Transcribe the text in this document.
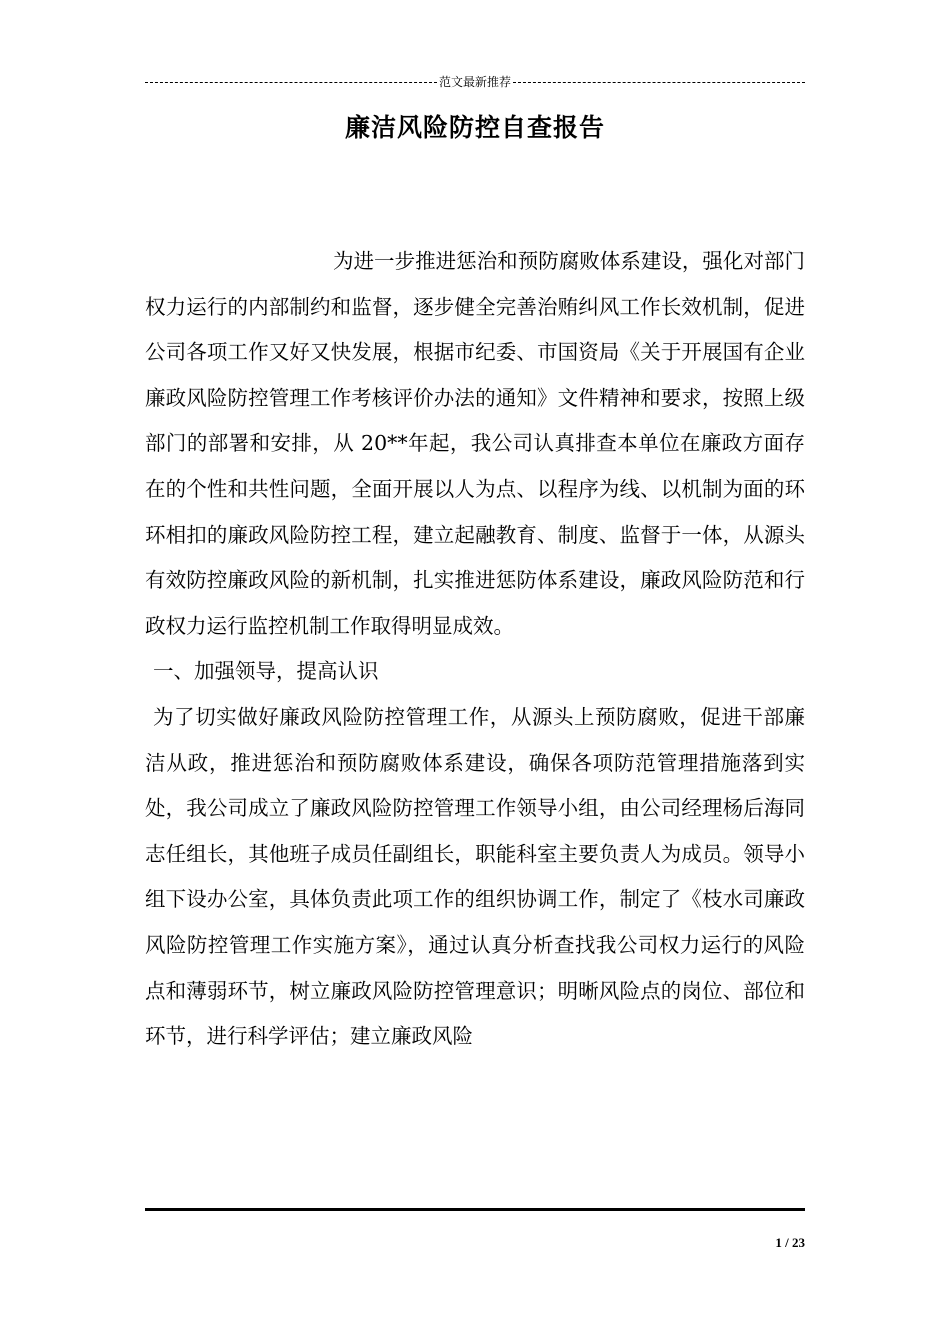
范文最新推荐
廉洁风险防控自查报告

为进一步推进惩治和预防腐败体系建设，强化对部门权力运行的内部制约和监督，逐步健全完善治贿纠风工作长效机制，促进公司各项工作又好又快发展，根据市纪委、市国资局《关于开展国有企业廉政风险防控管理工作考核评价办法的通知》文件精神和要求，按照上级部门的部署和安排，从 20**年起，我公司认真排查本单位在廉政方面存在的个性和共性问题，全面开展以人为点、以程序为线、以机制为面的环环相扣的廉政风险防控工程，建立起融教育、制度、监督于一体，从源头有效防控廉政风险的新机制，扎实推进惩防体系建设，廉政风险防范和行政权力运行监控机制工作取得明显成效。

一、加强领导，提高认识

为了切实做好廉政风险防控管理工作，从源头上预防腐败，促进干部廉洁从政，推进惩治和预防腐败体系建设，确保各项防范管理措施落到实处，我公司成立了廉政风险防控管理工作领导小组，由公司经理杨后海同志任组长，其他班子成员任副组长，职能科室主要负责人为成员。领导小组下设办公室，具体负责此项工作的组织协调工作，制定了《枝水司廉政风险防控管理工作实施方案》，通过认真分析查找我公司权力运行的风险点和薄弱环节，树立廉政风险防控管理意识；明晰风险点的岗位、部位和环节，进行科学评估；建立廉政风险

1 / 23
